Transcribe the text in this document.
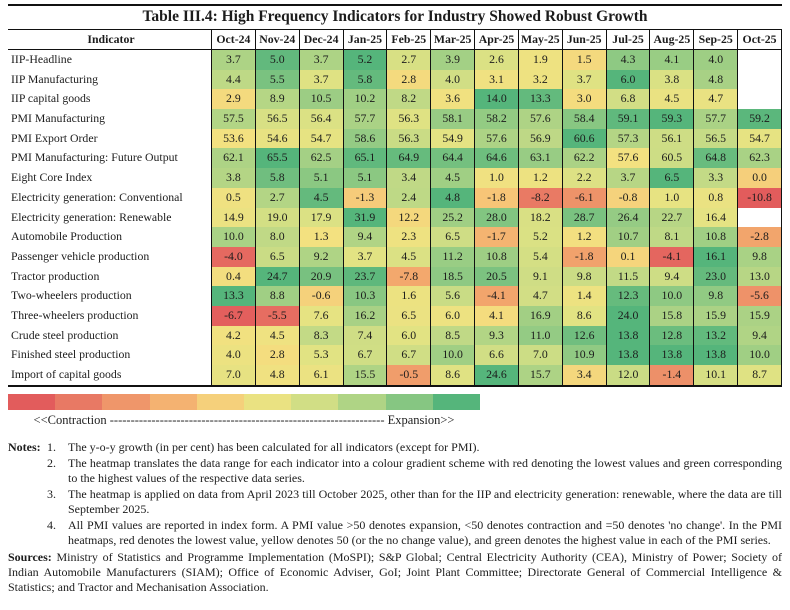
Table III.4: High Frequency Indicators for Industry Showed Robust Growth
Indicator	Oct-24 Nov-24 Dec-24 Jan-25 Feb-25 Mar-25 Apr-25 May-25 Jun-25 Jul-25 Aug-25 Sep-25 Oct-25
IIP-Headline	3.7	5.0	3.7	5.2	2.7	3.9	2.6	1.9	1.5	4.3	4.1	4.0
IIP Manufacturing	4.4	5.5	3.7	5.8	2.8	4.0	3.1	3.2	3.7	6.0	3.8	4.8
IIP capital goods	2.9	8.9	10.5	10.2	8.2	3.6	14.0	13.3	3.0	6.8	4.5	4.7
PMI Manufacturing	57.5	56.5	56.4	57.7	56.3	58.1	58.2	57.6	58.4	59.1	59.3	57.7	59.2
PMI Export Order	53.6	54.6	54.7	58.6	56.3	54.9	57.6	56.9	60.6	57.3	56.1	56.5	54.7
PMI Manufacturing: Future Output	62.1	65.5	62.5	65.1	64.9	64.4	64.6	63.1	62.2	57.6	60.5	64.8	62.3
Eight Core Index	3.8	5.8	5.1	5.1	3.4	4.5	1.0	1.2	2.2	3.7	6.5	3.3	0.0
Electricity generation: Conventional	0.5	2.7	4.5	-1.3	2.4	4.8	-1.8	-8.2	-6.1	-0.8	1.0	0.8	-10.8
Electricity generation: Renewable	14.9	19.0	17.9	31.9	12.2	25.2	28.0	18.2	28.7	26.4	22.7	16.4
Automobile Production	10.0	8.0	1.3	9.4	2.3	6.5	-1.7	5.2	1.2	10.7	8.1	10.8	-2.8
Passenger vehicle production	-4.0	6.5	9.2	3.7	4.5	11.2	10.8	5.4	-1.8	0.1	-4.1	16.1	9.8
Tractor production	0.4	24.7	20.9	23.7	-7.8	18.5	20.5	9.1	9.8	11.5	9.4	23.0	13.0
Two-wheelers production	13.3	8.8	-0.6	10.3	1.6	5.6	-4.1	4.7	1.4	12.3	10.0	9.8	-5.6
Three-wheelers production	-6.7	-5.5	7.6	16.2	6.5	6.0	4.1	16.9	8.6	24.0	15.8	15.9	15.9
Crude steel production	4.2	4.5	8.3	7.4	6.0	8.5	9.3	11.0	12.6	13.8	12.8	13.2	9.4
Finished steel production	4.0	2.8	5.3	6.7	6.7	10.0	6.6	7.0	10.9	13.8	13.8	13.8	10.0
Import of capital goods	7.0	4.8	6.1	15.5	-0.5	8.6	24.6	15.7	3.4	12.0	-1.4	10.1	8.7
<<Contraction ------------------------------------------------------------------ Expansion>>
Notes: 1.	The y-o-y growth (in per cent) has been calculated for all indicators (except for PMI).
2.	The heatmap translates the data range for each indicator into a colour gradient scheme with red denoting the lowest values and green corresponding to the highest values of the respective data series.
3.	The heatmap is applied on data from April 2023 till October 2025, other than for the IIP and electricity generation: renewable, where the data are till September 2025.
4.	All PMI values are reported in index form. A PMI value >50 denotes expansion, <50 denotes contraction and =50 denotes 'no change'. In the PMI heatmaps, red denotes the lowest value, yellow denotes 50 (or the no change value), and green denotes the highest value in each of the PMI series.
Sources: Ministry of Statistics and Programme Implementation (MoSPI); S&P Global; Central Electricity Authority (CEA), Ministry of Power; Society of Indian Automobile Manufacturers (SIAM); Office of Economic Adviser, GoI; Joint Plant Committee; Directorate General of Commercial Intelligence & Statistics; and Tractor and Mechanisation Association.
